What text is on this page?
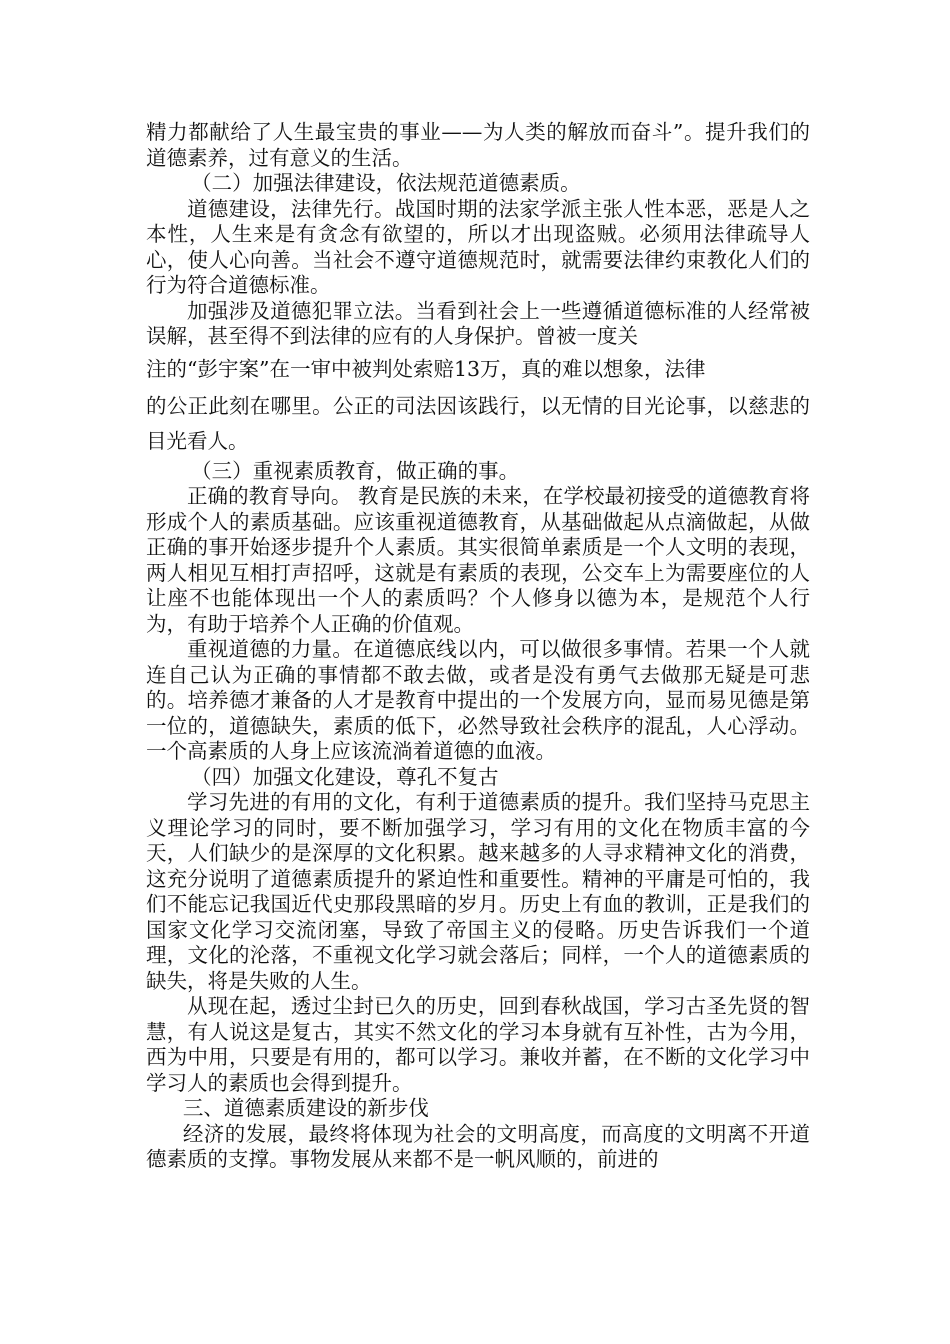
精力都献给了人生最宝贵的事业——为人类的解放而奋斗”。提升我们的道德素养，过有意义的生活。

（二）加强法律建设，依法规范道德素质。

道德建设，法律先行。战国时期的法家学派主张人性本恶，恶是人之本性，人生来是有贪念有欲望的，所以才出现盗贼。必须用法律疏导人心，使人心向善。当社会不遵守道德规范时，就需要法律约束教化人们的行为符合道德标准。

加强涉及道德犯罪立法。当看到社会上一些遵循道德标准的人经常被误解，甚至得不到法律的应有的人身保护。曾被一度关

注的“彭宇案”在一审中被判处索赔13万，真的难以想象，法律

的公正此刻在哪里。公正的司法因该践行，以无情的目光论事，以慈悲的目光看人。

（三）重视素质教育，做正确的事。

正确的教育导向。 教育是民族的未来，在学校最初接受的道德教育将形成个人的素质基础。应该重视道德教育，从基础做起从点滴做起，从做正确的事开始逐步提升个人素质。其实很简单素质是一个人文明的表现，两人相见互相打声招呼，这就是有素质的表现，公交车上为需要座位的人让座不也能体现出一个人的素质吗？个人修身以德为本，是规范个人行为，有助于培养个人正确的价值观。

重视道德的力量。在道德底线以内，可以做很多事情。若果一个人就连自己认为正确的事情都不敢去做，或者是没有勇气去做那无疑是可悲的。培养德才兼备的人才是教育中提出的一个发展方向，显而易见德是第一位的，道德缺失，素质的低下，必然导致社会秩序的混乱，人心浮动。一个高素质的人身上应该流淌着道德的血液。

（四）加强文化建设，尊孔不复古

学习先进的有用的文化，有利于道德素质的提升。我们坚持马克思主义理论学习的同时，要不断加强学习，学习有用的文化在物质丰富的今天，人们缺少的是深厚的文化积累。越来越多的人寻求精神文化的消费，这充分说明了道德素质提升的紧迫性和重要性。精神的平庸是可怕的，我们不能忘记我国近代史那段黑暗的岁月。历史上有血的教训，正是我们的国家文化学习交流闭塞，导致了帝国主义的侵略。历史告诉我们一个道理，文化的沦落，不重视文化学习就会落后；同样，一个人的道德素质的缺失，将是失败的人生。

从现在起，透过尘封已久的历史，回到春秋战国，学习古圣先贤的智慧，有人说这是复古，其实不然文化的学习本身就有互补性，古为今用，西为中用，只要是有用的，都可以学习。兼收并蓄，在不断的文化学习中学习人的素质也会得到提升。

三、道德素质建设的新步伐

经济的发展，最终将体现为社会的文明高度，而高度的文明离不开道德素质的支撑。事物发展从来都不是一帆风顺的，前进的
